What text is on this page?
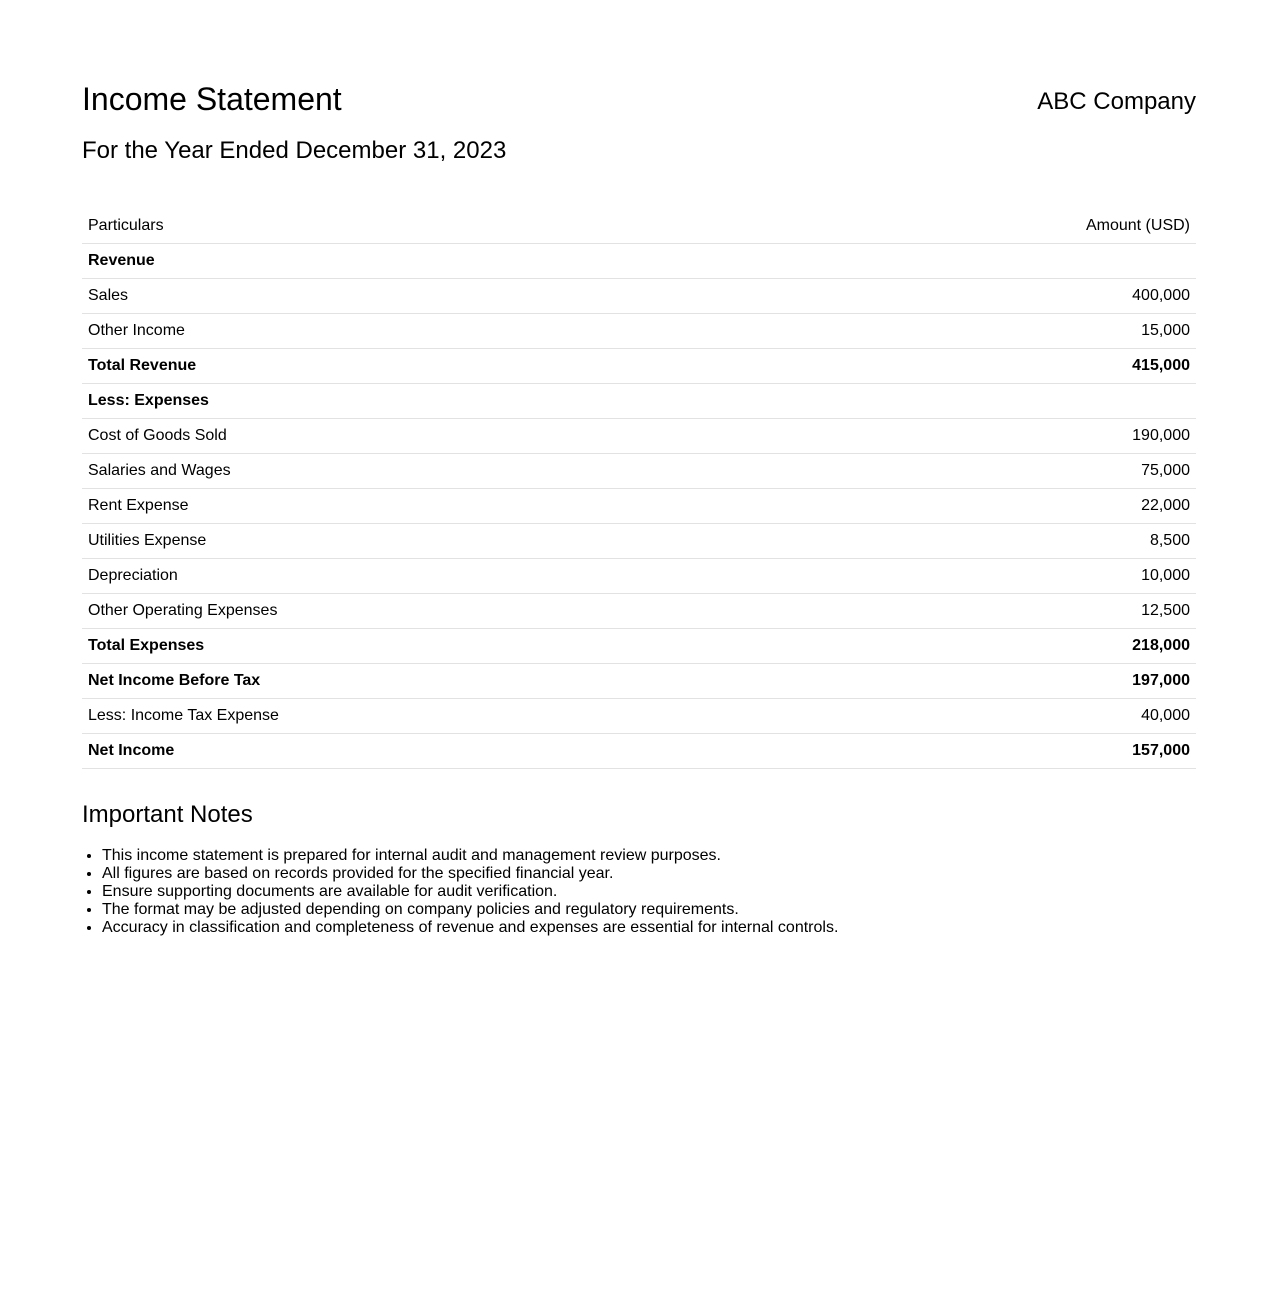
Income Statement	ABC Company
For the Year Ended December 31, 2023
Particulars	Amount (USD)
Revenue	
Sales	400,000
Other Income	15,000
Total Revenue	415,000
Less: Expenses	
Cost of Goods Sold	190,000
Salaries and Wages	75,000
Rent Expense	22,000
Utilities Expense	8,500
Depreciation	10,000
Other Operating Expenses	12,500
Total Expenses	218,000
Net Income Before Tax	197,000
Less: Income Tax Expense	40,000
Net Income	157,000
Important Notes
• This income statement is prepared for internal audit and management review purposes.
• All figures are based on records provided for the specified financial year.
• Ensure supporting documents are available for audit verification.
• The format may be adjusted depending on company policies and regulatory requirements.
• Accuracy in classification and completeness of revenue and expenses are essential for internal controls.
